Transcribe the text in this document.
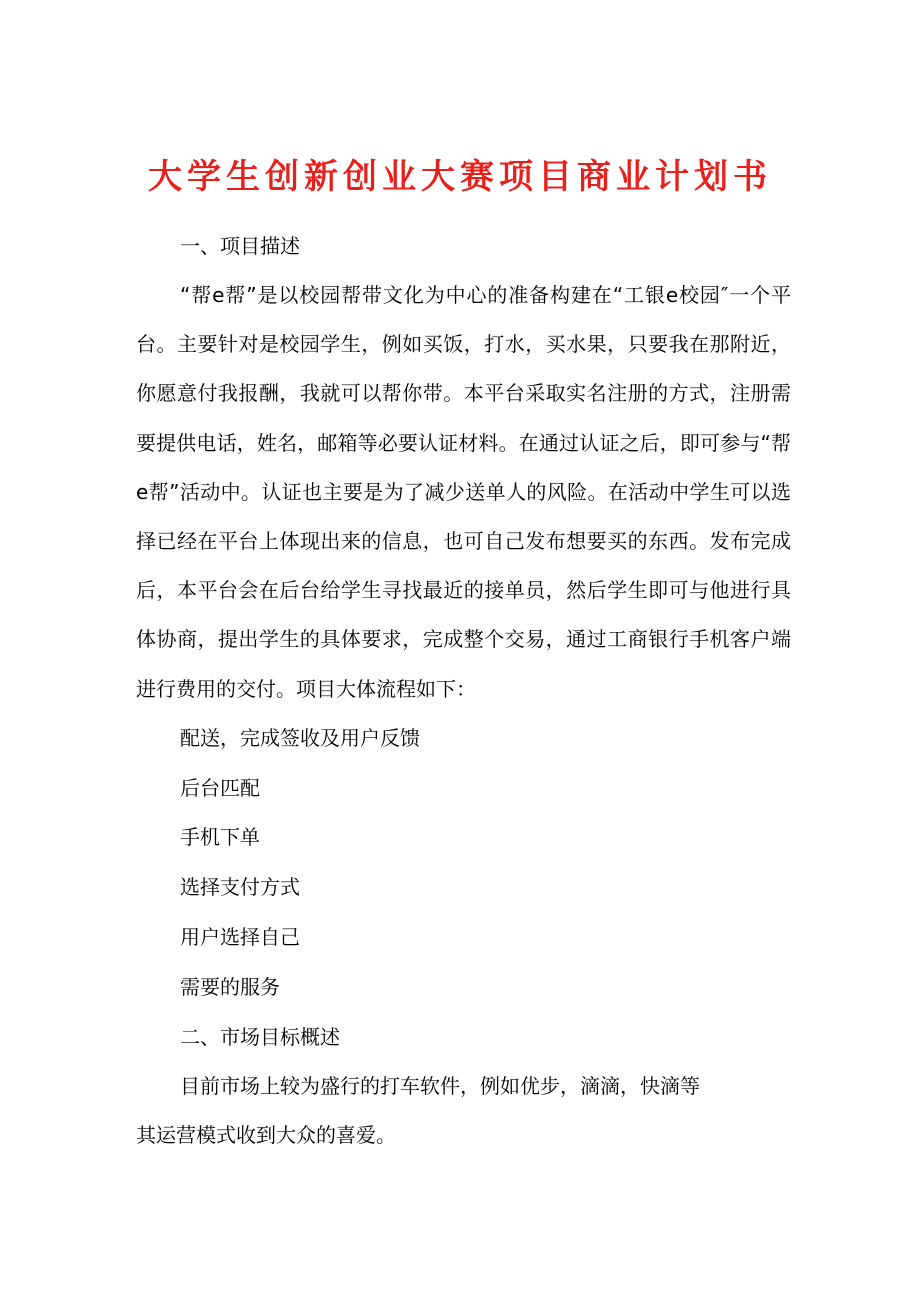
大学生创新创业大赛项目商业计划书

一、项目描述

“帮e帮”是以校园帮带文化为中心的准备构建在“工银e校园″一个平台。主要针对是校园学生，例如买饭，打水，买水果，只要我在那附近，你愿意付我报酬，我就可以帮你带。本平台采取实名注册的方式，注册需要提供电话，姓名，邮箱等必要认证材料。在通过认证之后，即可参与“帮e帮”活动中。认证也主要是为了减少送单人的风险。在活动中学生可以选择已经在平台上体现出来的信息，也可自己发布想要买的东西。发布完成后，本平台会在后台给学生寻找最近的接单员，然后学生即可与他进行具体协商，提出学生的具体要求，完成整个交易，通过工商银行手机客户端进行费用的交付。项目大体流程如下：

配送，完成签收及用户反馈
后台匹配
手机下单
选择支付方式
用户选择自己
需要的服务

二、市场目标概述

目前市场上较为盛行的打车软件，例如优步，滴滴，快滴等
其运营模式收到大众的喜爱。
